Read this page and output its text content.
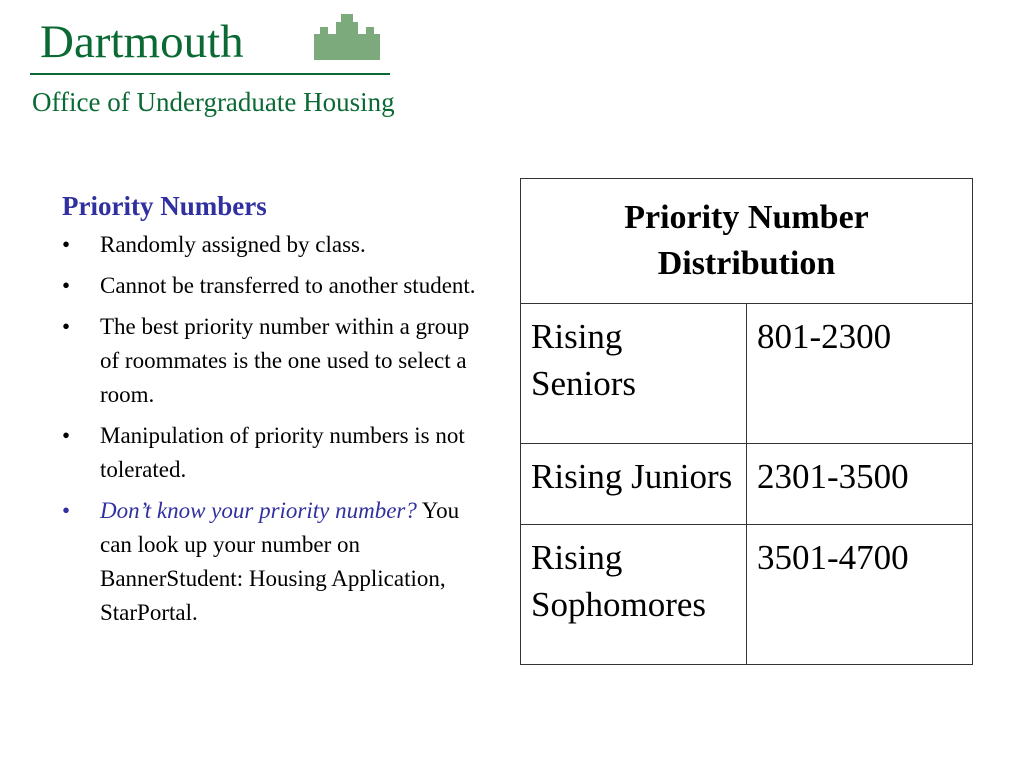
Dartmouth
Office of Undergraduate Housing
Priority Numbers
• Randomly assigned by class.
• Cannot be transferred to another student.
• The best priority number within a group of roommates is the one used to select a room.
• Manipulation of priority numbers is not tolerated.
• Don’t know your priority number? You can look up your number on BannerStudent: Housing Application, StarPortal.
Priority Number Distribution	
Rising Seniors	801-2300
Rising Juniors	2301-3500
Rising Sophomores	3501-4700
